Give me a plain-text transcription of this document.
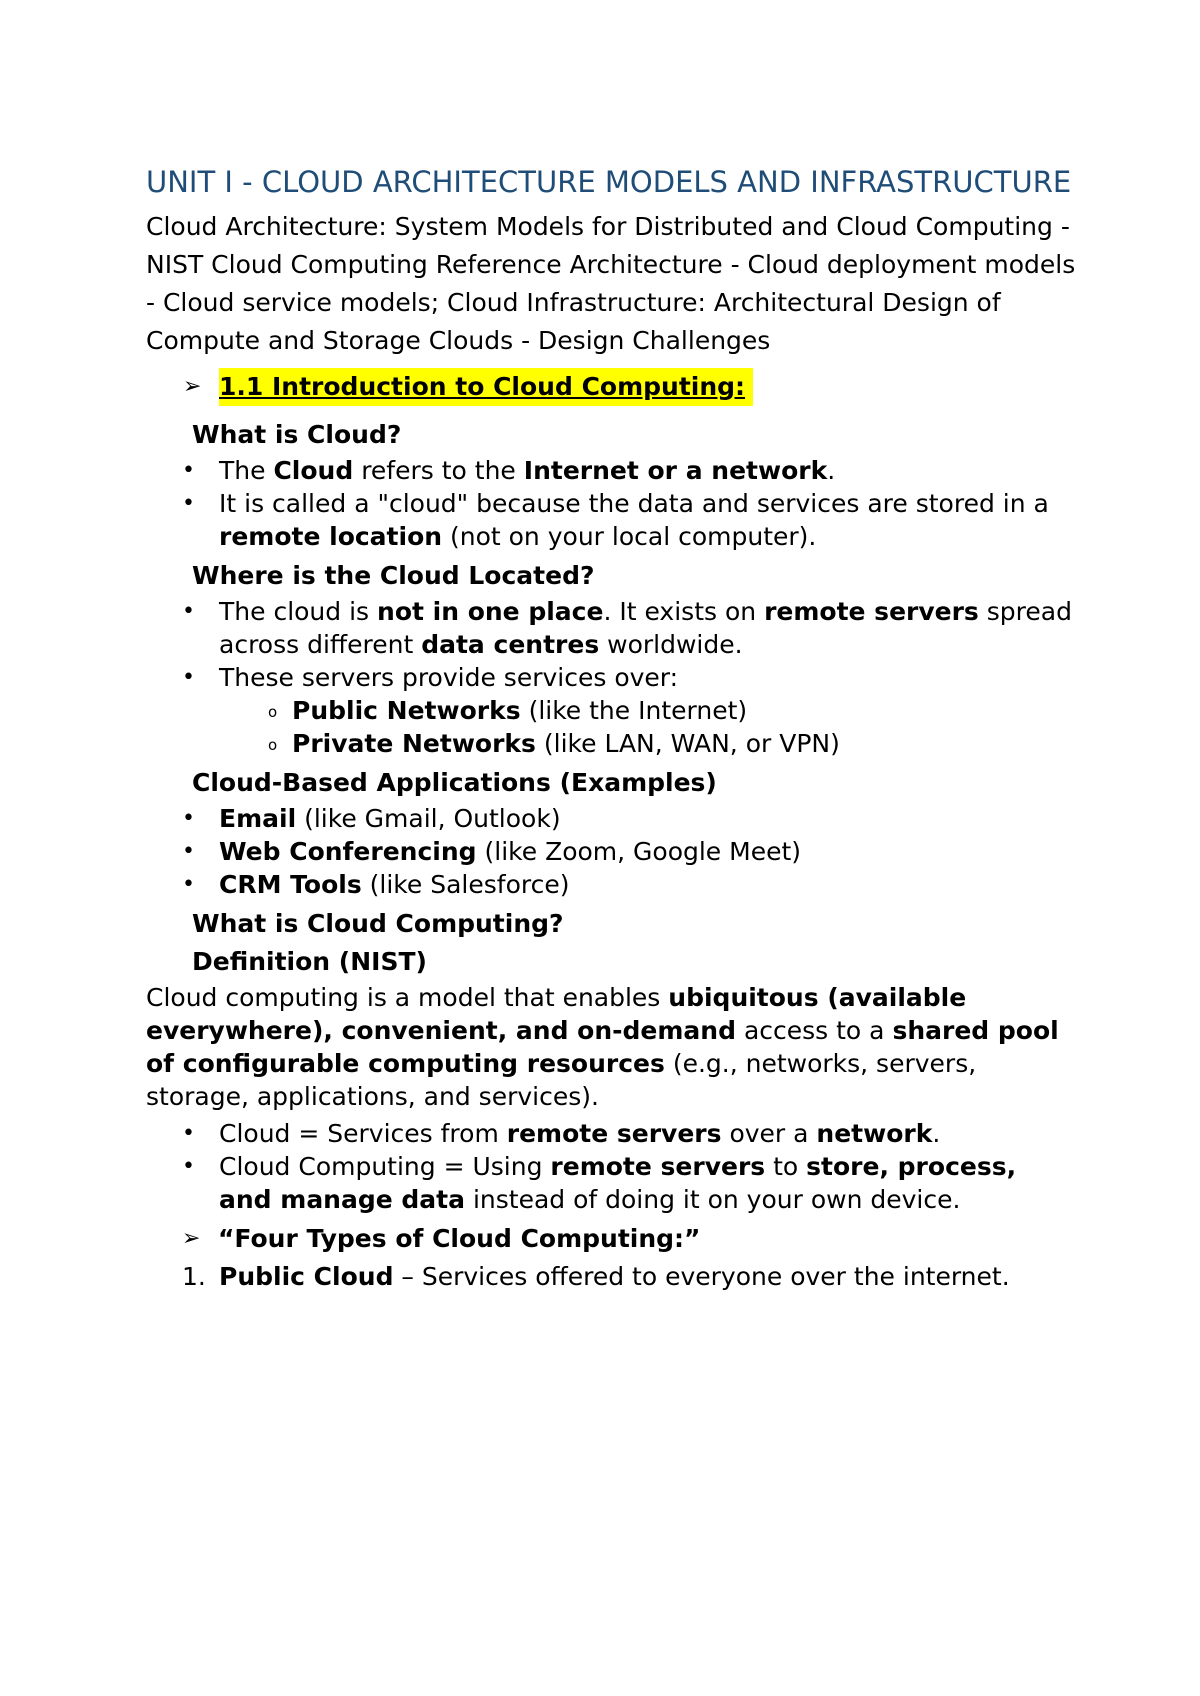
UNIT I - CLOUD ARCHITECTURE MODELS AND INFRASTRUCTURE

Cloud Architecture: System Models for Distributed and Cloud Computing - NIST Cloud Computing Reference Architecture - Cloud deployment models - Cloud service models; Cloud Infrastructure: Architectural Design of Compute and Storage Clouds - Design Challenges

➢ 1.1 Introduction to Cloud Computing:
What is Cloud?
• The Cloud refers to the Internet or a network.
• It is called a "cloud" because the data and services are stored in a remote location (not on your local computer).
Where is the Cloud Located?
• The cloud is not in one place. It exists on remote servers spread across different data centres worldwide.
• These servers provide services over:
o Public Networks (like the Internet)
o Private Networks (like LAN, WAN, or VPN)
Cloud-Based Applications (Examples)
• Email (like Gmail, Outlook)
• Web Conferencing (like Zoom, Google Meet)
• CRM Tools (like Salesforce)
What is Cloud Computing?
Definition (NIST)

Cloud computing is a model that enables ubiquitous (available everywhere), convenient, and on-demand access to a shared pool of configurable computing resources (e.g., networks, servers, storage, applications, and services).

• Cloud = Services from remote servers over a network.
• Cloud Computing = Using remote servers to store, process, and manage data instead of doing it on your own device.
➢ “Four Types of Cloud Computing:”
1. Public Cloud – Services offered to everyone over the internet.
